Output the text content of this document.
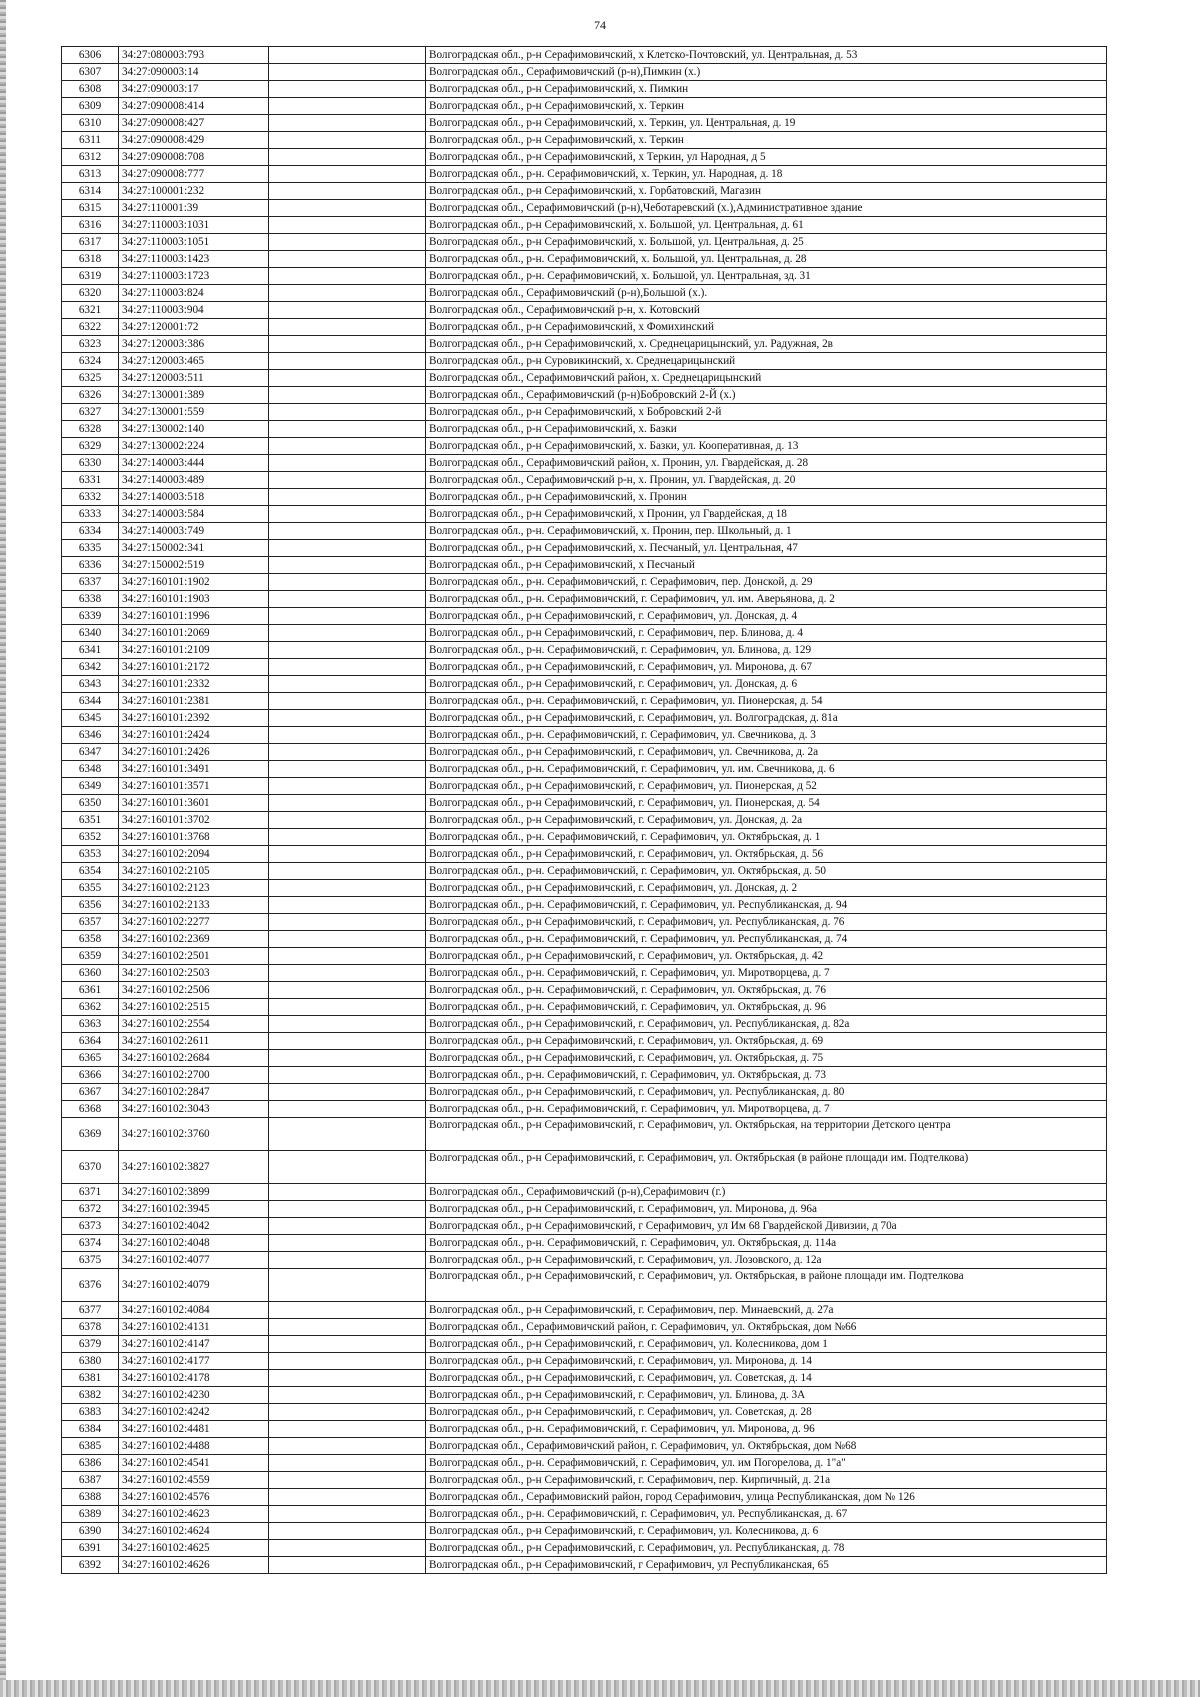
74
6306	34:27:080003:793		Волгоградская обл., р-н Серафимовичский, х Клетско-Почтовский, ул. Центральная, д. 53
6307	34:27:090003:14		Волгоградская обл., Серафимовичский (р-н),Пимкин (х.)
6308	34:27:090003:17		Волгоградская обл., р-н Серафимовичский, х. Пимкин
6309	34:27:090008:414		Волгоградская обл., р-н Серафимовичский, х. Теркин
6310	34:27:090008:427		Волгоградская обл., р-н Серафимовичский, х. Теркин, ул. Центральная, д. 19
6311	34:27:090008:429		Волгоградская обл., р-н Серафимовичский, х. Теркин
6312	34:27:090008:708		Волгоградская обл., р-н Серафимовичский, х Теркин, ул Народная, д 5
6313	34:27:090008:777		Волгоградская обл., р-н. Серафимовичский, х. Теркин, ул. Народная, д. 18
6314	34:27:100001:232		Волгоградская обл., р-н Серафимовичский, х. Горбатовский, Магазин
6315	34:27:110001:39		Волгоградская обл., Серафимовичский (р-н),Чеботаревский (х.),Административное здание
6316	34:27:110003:1031		Волгоградская обл., р-н Серафимовичский, х. Большой, ул. Центральная, д. 61
6317	34:27:110003:1051		Волгоградская обл., р-н Серафимовичский, х. Большой, ул. Центральная, д. 25
6318	34:27:110003:1423		Волгоградская обл., р-н. Серафимовичский, х. Большой, ул. Центральная, д. 28
6319	34:27:110003:1723		Волгоградская обл., р-н. Серафимовичский, х. Большой, ул. Центральная, зд. 31
6320	34:27:110003:824		Волгоградская обл., Серафимовичский (р-н),Большой (х.).
6321	34:27:110003:904		Волгоградская обл., Серафимовичский р-н, х. Котовский
6322	34:27:120001:72		Волгоградская обл., р-н Серафимовичский, х Фомихинский
6323	34:27:120003:386		Волгоградская обл., р-н Серафимовичский, х. Среднецарицынский, ул. Радужная, 2в
6324	34:27:120003:465		Волгоградская обл., р-н Суровикинский, х. Среднецарицынский
6325	34:27:120003:511		Волгоградская обл., Серафимовичский район, х. Среднецарицынский
6326	34:27:130001:389		Волгоградская обл., Серафимовичский (р-н)Бобровский 2-Й (х.)
6327	34:27:130001:559		Волгоградская обл., р-н Серафимовичский, х Бобровский 2-й
6328	34:27:130002:140		Волгоградская обл., р-н Серафимовичский, х. Базки
6329	34:27:130002:224		Волгоградская обл., р-н Серафимовичский, х. Базки, ул. Кооперативная, д. 13
6330	34:27:140003:444		Волгоградская обл., Серафимовичский район, х. Пронин, ул. Гвардейская, д. 28
6331	34:27:140003:489		Волгоградская обл., Серафимовичский р-н, х. Пронин, ул. Гвардейская, д. 20
6332	34:27:140003:518		Волгоградская обл., р-н Серафимовичский, х. Пронин
6333	34:27:140003:584		Волгоградская обл., р-н Серафимовичский, х Пронин, ул Гвардейская, д 18
6334	34:27:140003:749		Волгоградская обл., р-н. Серафимовичский, х. Пронин, пер. Школьный, д. 1
6335	34:27:150002:341		Волгоградская обл., р-н Серафимовичский, х. Песчаный, ул. Центральная, 47
6336	34:27:150002:519		Волгоградская обл., р-н Серафимовичский, х Песчаный
6337	34:27:160101:1902		Волгоградская обл., р-н. Серафимовичский, г. Серафимович, пер. Донской, д. 29
6338	34:27:160101:1903		Волгоградская обл., р-н. Серафимовичский, г. Серафимович, ул. им. Аверьянова, д. 2
6339	34:27:160101:1996		Волгоградская обл., р-н Серафимовичский, г. Серафимович, ул. Донская, д. 4
6340	34:27:160101:2069		Волгоградская обл., р-н Серафимовичский, г. Серафимович, пер. Блинова, д. 4
6341	34:27:160101:2109		Волгоградская обл., р-н. Серафимовичский, г. Серафимович, ул. Блинова, д. 129
6342	34:27:160101:2172		Волгоградская обл., р-н Серафимовичский, г. Серафимович, ул. Миронова, д. 67
6343	34:27:160101:2332		Волгоградская обл., р-н Серафимовичский, г. Серафимович, ул. Донская, д. 6
6344	34:27:160101:2381		Волгоградская обл., р-н. Серафимовичский, г. Серафимович, ул. Пионерская, д. 54
6345	34:27:160101:2392		Волгоградская обл., р-н Серафимовичский, г. Серафимович, ул. Волгоградская, д. 81а
6346	34:27:160101:2424		Волгоградская обл., р-н. Серафимовичский, г. Серафимович, ул. Свечникова, д. 3
6347	34:27:160101:2426		Волгоградская обл., р-н Серафимовичский, г. Серафимович, ул. Свечникова, д. 2а
6348	34:27:160101:3491		Волгоградская обл., р-н. Серафимовичский, г. Серафимович, ул. им. Свечникова, д. 6
6349	34:27:160101:3571		Волгоградская обл., р-н Серафимовичский, г. Серафимович, ул. Пионерская, д 52
6350	34:27:160101:3601		Волгоградская обл., р-н Серафимовичский, г. Серафимович, ул. Пионерская, д. 54
6351	34:27:160101:3702		Волгоградская обл., р-н Серафимовичский, г. Серафимович, ул. Донская, д. 2а
6352	34:27:160101:3768		Волгоградская обл., р-н. Серафимовичский, г. Серафимович, ул. Октябрьская, д. 1
6353	34:27:160102:2094		Волгоградская обл., р-н Серафимовичский, г. Серафимович, ул. Октябрьская, д. 56
6354	34:27:160102:2105		Волгоградская обл., р-н. Серафимовичский, г. Серафимович, ул. Октябрьская, д. 50
6355	34:27:160102:2123		Волгоградская обл., р-н Серафимовичский, г. Серафимович, ул. Донская, д. 2
6356	34:27:160102:2133		Волгоградская обл., р-н. Серафимовичский, г. Серафимович, ул. Республиканская, д. 94
6357	34:27:160102:2277		Волгоградская обл., р-н Серафимовичский, г. Серафимович, ул. Республиканская, д. 76
6358	34:27:160102:2369		Волгоградская обл., р-н. Серафимовичский, г. Серафимович, ул. Республиканская, д. 74
6359	34:27:160102:2501		Волгоградская обл., р-н Серафимовичский, г. Серафимович, ул. Октябрьская, д. 42
6360	34:27:160102:2503		Волгоградская обл., р-н. Серафимовичский, г. Серафимович, ул. Миротворцева, д. 7
6361	34:27:160102:2506		Волгоградская обл., р-н. Серафимовичский, г. Серафимович, ул. Октябрьская, д. 76
6362	34:27:160102:2515		Волгоградская обл., р-н. Серафимовичский, г. Серафимович, ул. Октябрьская, д. 96
6363	34:27:160102:2554		Волгоградская обл., р-н Серафимовичский, г. Серафимович, ул. Республиканская, д. 82а
6364	34:27:160102:2611		Волгоградская обл., р-н Серафимовичский, г. Серафимович, ул. Октябрьская, д. 69
6365	34:27:160102:2684		Волгоградская обл., р-н Серафимовичский, г. Серафимович, ул. Октябрьская, д. 75
6366	34:27:160102:2700		Волгоградская обл., р-н. Серафимовичский, г. Серафимович, ул. Октябрьская, д. 73
6367	34:27:160102:2847		Волгоградская обл., р-н Серафимовичский, г. Серафимович, ул. Республиканская, д. 80
6368	34:27:160102:3043		Волгоградская обл., р-н. Серафимовичский, г. Серафимович, ул. Миротворцева, д. 7
6369	34:27:160102:3760		Волгоградская обл., р-н Серафимовичский, г. Серафимович, ул. Октябрьская, на территории Детского центра
6370	34:27:160102:3827		Волгоградская обл., р-н Серафимовичский, г. Серафимович, ул. Октябрьская (в районе площади им. Подтелкова)
6371	34:27:160102:3899		Волгоградская обл., Серафимовичский (р-н),Серафимович (г.)
6372	34:27:160102:3945		Волгоградская обл., р-н Серафимовичский, г. Серафимович, ул. Миронова, д. 96а
6373	34:27:160102:4042		Волгоградская обл., р-н Серафимовичский, г Серафимович, ул Им 68 Гвардейской Дивизии, д 70а
6374	34:27:160102:4048		Волгоградская обл., р-н. Серафимовичский, г. Серафимович, ул. Октябрьская, д. 114а
6375	34:27:160102:4077		Волгоградская обл., р-н Серафимовичский, г. Серафимович, ул. Лозовского, д. 12а
6376	34:27:160102:4079		Волгоградская обл., р-н Серафимовичский, г. Серафимович, ул. Октябрьская, в районе площади им. Подтелкова
6377	34:27:160102:4084		Волгоградская обл., р-н Серафимовичский, г. Серафимович, пер. Минаевский, д. 27а
6378	34:27:160102:4131		Волгоградская обл., Серафимовичский район, г. Серафимович, ул. Октябрьская, дом №66
6379	34:27:160102:4147		Волгоградская обл., р-н Серафимовичский, г. Серафимович, ул. Колесникова, дом 1
6380	34:27:160102:4177		Волгоградская обл., р-н Серафимовичский, г. Серафимович, ул. Миронова, д. 14
6381	34:27:160102:4178		Волгоградская обл., р-н Серафимовичский, г. Серафимович, ул. Советская, д. 14
6382	34:27:160102:4230		Волгоградская обл., р-н Серафимовичский, г. Серафимович, ул. Блинова, д. 3А
6383	34:27:160102:4242		Волгоградская обл., р-н Серафимовичский, г. Серафимович, ул. Советская, д. 28
6384	34:27:160102:4481		Волгоградская обл., р-н. Серафимовичский, г. Серафимович, ул. Миронова, д. 96
6385	34:27:160102:4488		Волгоградская обл., Серафимовичский район, г. Серафимович, ул. Октябрьская, дом №68
6386	34:27:160102:4541		Волгоградская обл., р-н. Серафимовичский, г. Серафимович, ул. им Погорелова, д. 1"а"
6387	34:27:160102:4559		Волгоградская обл., р-н Серафимовичский, г. Серафимович, пер. Кирпичный, д. 21а
6388	34:27:160102:4576		Волгоградская обл., Серафимовиский район, город Серафимович, улица Республиканская, дом № 126
6389	34:27:160102:4623		Волгоградская обл., р-н. Серафимовичский, г. Серафимович, ул. Республиканская, д. 67
6390	34:27:160102:4624		Волгоградская обл., р-н Серафимовичский, г. Серафимович, ул. Колесникова, д. 6
6391	34:27:160102:4625		Волгоградская обл., р-н Серафимовичский, г. Серафимович, ул. Республиканская, д. 78
6392	34:27:160102:4626		Волгоградская обл., р-н Серафимовичский, г Серафимович, ул Республиканская, 65
